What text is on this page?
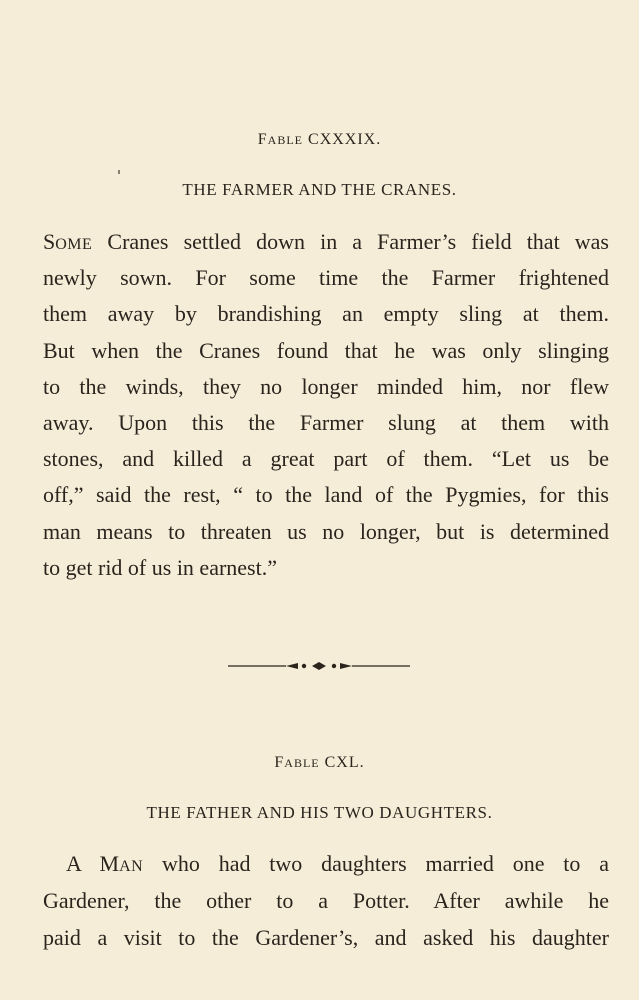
FABLE CXXXIX.
THE FARMER AND THE CRANES.
SOME Cranes settled down in a Farmer’s field that was
newly sown. For some time the Farmer frightened
them away by brandishing an empty sling at them.
But when the Cranes found that he was only slinging
to the winds, they no longer minded him, nor flew
away. Upon this the Farmer slung at them with
stones, and killed a great part of them. “Let us be
off,” said the rest, “ to the land of the Pygmies, for this
man means to threaten us no longer, but is determined
to get rid of us in earnest.”
FABLE CXL.
THE FATHER AND HIS TWO DAUGHTERS.
A MAN who had two daughters married one to a
Gardener, the other to a Potter. After awhile he
paid a visit to the Gardener’s, and asked his daughter
